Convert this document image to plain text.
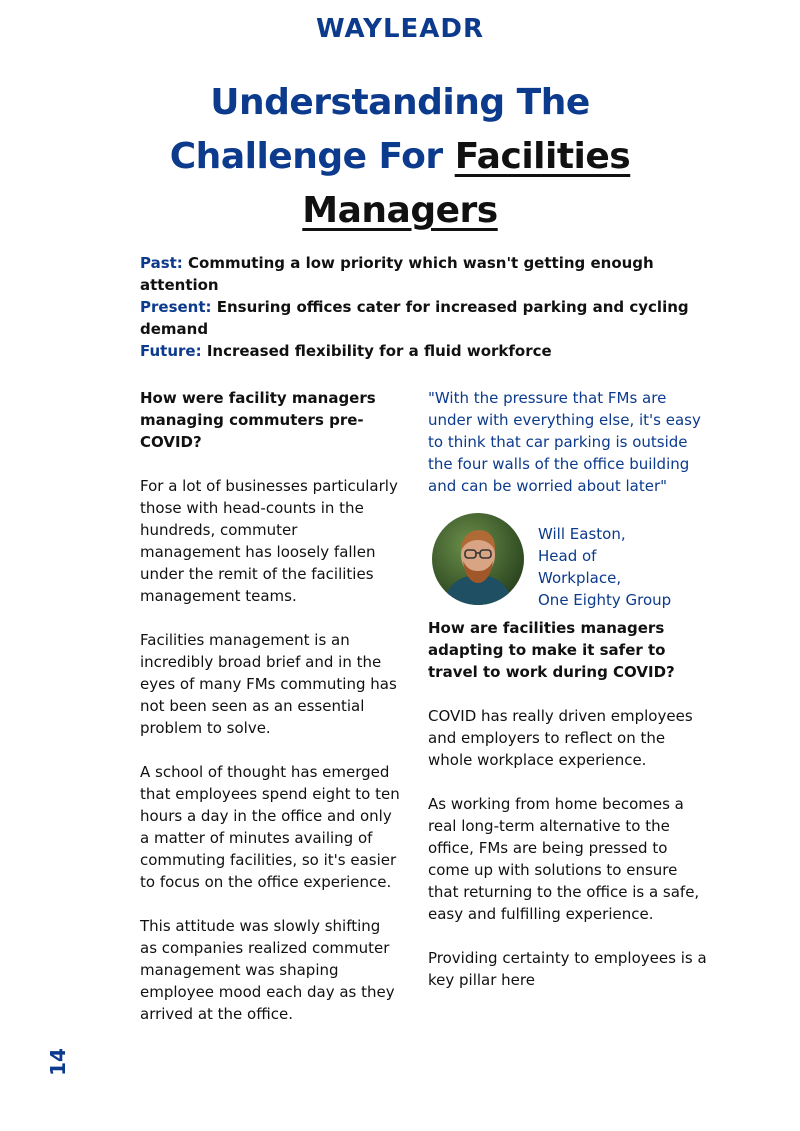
WAYLEADR
Understanding The
Challenge For Facilities
Managers
Past: Commuting a low priority which wasn't getting enough attention
Present: Ensuring offices cater for increased parking and cycling demand
Future: Increased flexibility for a fluid workforce

How were facility managers managing commuters pre-COVID?

For a lot of businesses particularly those with head-counts in the hundreds, commuter management has loosely fallen under the remit of the facilities management teams.

Facilities management is an incredibly broad brief and in the eyes of many FMs commuting has not been seen as an essential problem to solve.

A school of thought has emerged that employees spend eight to ten hours a day in the office and only a matter of minutes availing of commuting facilities, so it's easier to focus on the office experience.

This attitude was slowly shifting as companies realized commuter management was shaping employee mood each day as they arrived at the office.

"With the pressure that FMs are under with everything else, it's easy to think that car parking is outside the four walls of the office building and can be worried about later"

Will Easton,
Head of
Workplace,
One Eighty Group

How are facilities managers adapting to make it safer to travel to work during COVID?

COVID has really driven employees and employers to reflect on the whole workplace experience.

As working from home becomes a real long-term alternative to the office, FMs are being pressed to come up with solutions to ensure that returning to the office is a safe, easy and fulfilling experience.

Providing certainty to employees is a key pillar here

14
